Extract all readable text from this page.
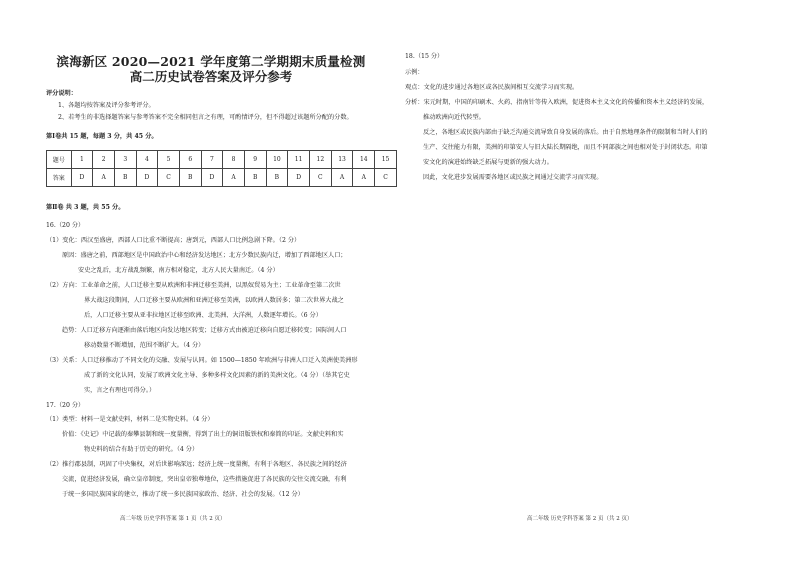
滨海新区 2020—2021 学年度第二学期期末质量检测
高二历史试卷答案及评分参考
评分说明：
1、各题均按答案及评分参考评分。
2、若考生的非选择题答案与参考答案不完全相同但言之有理，可酌情评分，但不得超过该题所分配的分数。
第Ⅰ卷共 15 题，每题 3 分，共 45 分。
题号	1	2	3	4	5	6	7	8	9	10	11	12	13	14	15
答案	D	A	B	D	C	B	D	A	B	B	D	C	A	A	C
第Ⅱ卷 共 3 题，共 55 分。
16.（20 分）
（1）变化：西汉至盛唐，西部人口比重不断提高；唐到元，西部人口比例急剧下降。（2 分）
原因：盛唐之前，西部地区是中国政治中心和经济发达地区；北方少数民族内迁，增加了西部地区人口；
安史之乱后，北方战乱频繁，南方相对稳定，北方人民大量南迁。（4 分）
（2）方向：工业革命之前，人口迁移主要从欧洲和非洲迁移至美洲，以黑奴贸易为主；工业革命至第二次世
界大战这段期间，人口迁移主要从欧洲和亚洲迁移至美洲，以欧洲人数居多；第二次世界大战之
后，人口迁移主要从亚非拉地区迁移至欧洲、北美洲、大洋洲，人数逐年增长。（6 分）
趋势：人口迁移方向逐渐由落后地区向发达地区转变；迁移方式由被迫迁移向自愿迁移转变；国际间人口
移动数量不断增加，范围不断扩大。（4 分）
（3）关系：人口迁移推动了不同文化的交融、发展与认同。如 1500—1850 年欧洲与非洲人口迁入美洲使美洲形
成了新的文化认同，发展了欧洲文化主导、多种多样文化因素的新的美洲文化。（4 分）（举其它史
实，言之有理也可得分。）
17.（20 分）
（1）类型：材料一是文献史料，材料二是实物史料。（4 分）
价值：《史记》中记载的秦攀县制和统一度量衡，得到了出土的铜诏版铁权和秦简的印证。文献史料和实
物史料的结合有助于历史的研究。（4 分）
（2）推行郡县制，巩固了中央集权，对后世影响深远；经济上统一度量衡，有利于各地区、各民族之间的经济
交流，促进经济发展，确立皇帝制度，突出皇帝独尊地位，这些措施促进了各民族的交往交流交融，有利
于统一多国民族国家的建立，推动了统一多民族国家政治、经济、社会的发展。（12 分）
高二年级 历史学科答案 第 1 页（共 2 页）
18.（15 分）
示例：
观点：文化的进步通过各地区或各民族间相互交流学习而实现。
分析：宋元时期，中国的印刷术、火药、指南针等传入欧洲，促进资本主义文化的传播和资本主义经济的发展，
推动欧洲向近代转型。
反之，各地区或民族内部由于缺乏沟通交流导致自身发展的落后。由于自然地理条件的限制和当时人们的
生产、交往能力有限，美洲的印第安人与旧大陆长期隔绝，而且不同部族之间也相对处于封闭状态。印第
安文化的演进始终缺乏拓展与更新的强大动力。
因此，文化进步发展需要各地区或民族之间通过交流学习而实现。
高二年级 历史学科答案 第 2 页（共 2 页）
